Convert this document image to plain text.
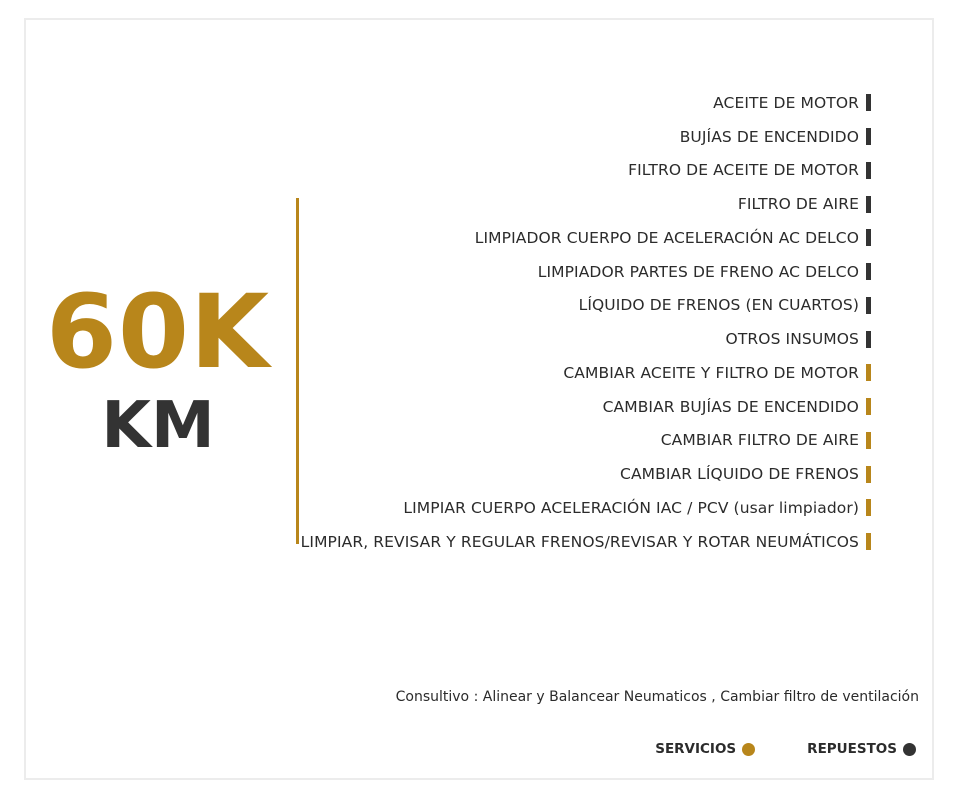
60K
KM
ACEITE DE MOTOR
BUJÍAS DE ENCENDIDO
FILTRO DE ACEITE DE MOTOR
FILTRO DE AIRE
LIMPIADOR CUERPO DE ACELERACIÓN AC DELCO
LIMPIADOR PARTES DE FRENO AC DELCO
LÍQUIDO DE FRENOS (EN CUARTOS)
OTROS INSUMOS
CAMBIAR ACEITE Y FILTRO DE MOTOR
CAMBIAR BUJÍAS DE ENCENDIDO
CAMBIAR FILTRO DE AIRE
CAMBIAR LÍQUIDO DE FRENOS
LIMPIAR CUERPO ACELERACIÓN IAC / PCV (usar limpiador)
LIMPIAR, REVISAR Y REGULAR FRENOS/REVISAR Y ROTAR NEUMÁTICOS
Consultivo : Alinear y Balancear Neumaticos , Cambiar filtro de ventilación
SERVICIOS	REPUESTOS
